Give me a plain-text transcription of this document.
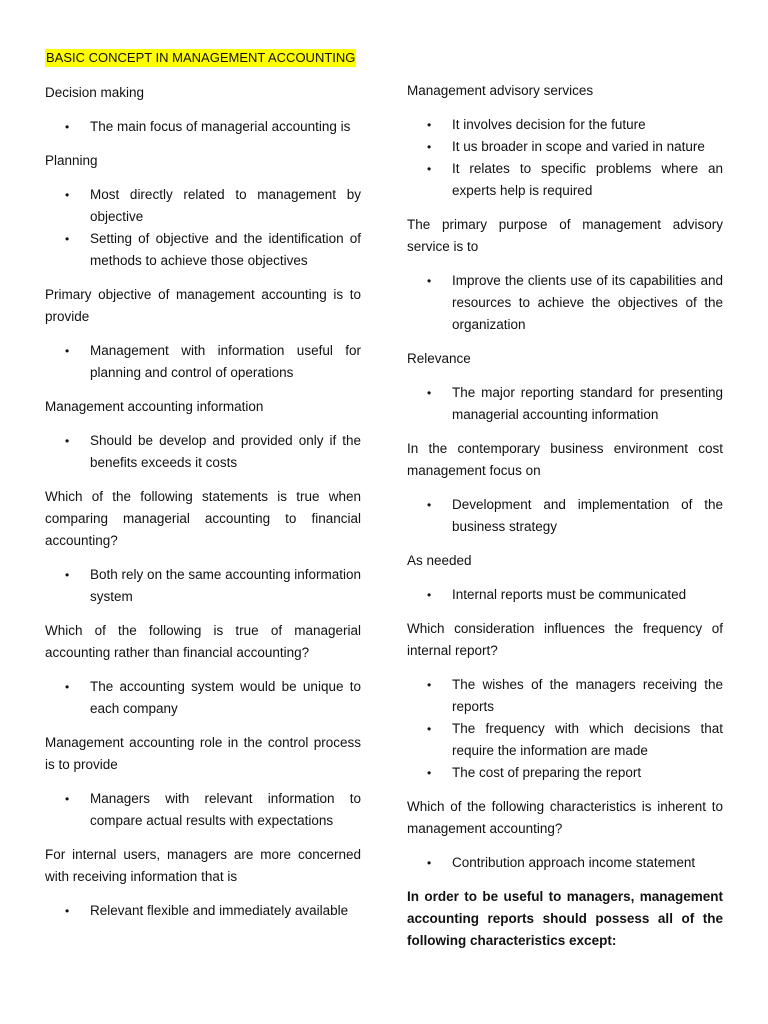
BASIC CONCEPT IN MANAGEMENT ACCOUNTING
Decision making
• The main focus of managerial accounting is
Planning
• Most directly related to management by objective
• Setting of objective and the identification of methods to achieve those objectives
Primary objective of management accounting is to provide
• Management with information useful for planning and control of operations
Management accounting information
• Should be develop and provided only if the benefits exceeds it costs
Which of the following statements is true when comparing managerial accounting to financial accounting?
• Both rely on the same accounting information system
Which of the following is true of managerial accounting rather than financial accounting?
• The accounting system would be unique to each company
Management accounting role in the control process is to provide
• Managers with relevant information to compare actual results with expectations
For internal users, managers are more concerned with receiving information that is
• Relevant flexible and immediately available
Management advisory services
• It involves decision for the future
• It us broader in scope and varied in nature
• It relates to specific problems where an experts help is required
The primary purpose of management advisory service is to
• Improve the clients use of its capabilities and resources to achieve the objectives of the organization
Relevance
• The major reporting standard for presenting managerial accounting information
In the contemporary business environment cost management focus on
• Development and implementation of the business strategy
As needed
• Internal reports must be communicated
Which consideration influences the frequency of internal report?
• The wishes of the managers receiving the reports
• The frequency with which decisions that require the information are made
• The cost of preparing the report
Which of the following characteristics is inherent to management accounting?
• Contribution approach income statement
In order to be useful to managers, management accounting reports should possess all of the following characteristics except:
